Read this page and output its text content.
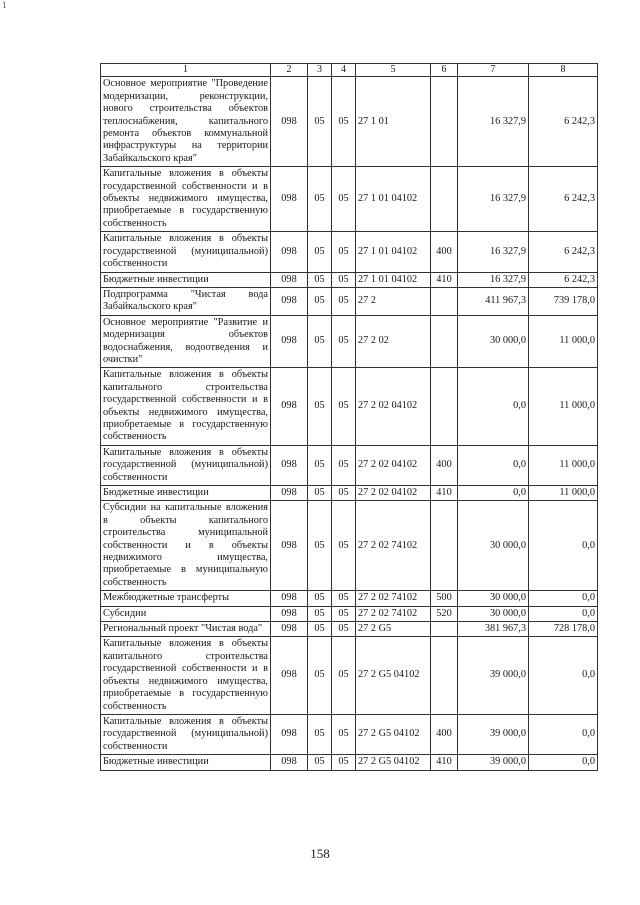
1
1	2	3	4	5	6	7	8
Основное мероприятие "Проведение модернизации, реконструкции, нового строительства объектов теплоснабжения, капитального ремонта объектов коммунальной инфраструктуры на территории Забайкальского края"	098	05	05	27 1 01		16 327,9	6 242,3
Капитальные вложения в объекты государственной собственности и в объекты недвижимого имущества, приобретаемые в государственную собственность	098	05	05	27 1 01 04102		16 327,9	6 242,3
Капитальные вложения в объекты государственной (муниципальной) собственности	098	05	05	27 1 01 04102	400	16 327,9	6 242,3
Бюджетные инвестиции	098	05	05	27 1 01 04102	410	16 327,9	6 242,3
Подпрограмма "Чистая вода Забайкальского края"	098	05	05	27 2		411 967,3	739 178,0
Основное мероприятие "Развитие и модернизация объектов водоснабжения, водоотведения и очистки"	098	05	05	27 2 02		30 000,0	11 000,0
Капитальные вложения в объекты капитального строительства государственной собственности и в объекты недвижимого имущества, приобретаемые в государственную собственность	098	05	05	27 2 02 04102		0,0	11 000,0
Капитальные вложения в объекты государственной (муниципальной) собственности	098	05	05	27 2 02 04102	400	0,0	11 000,0
Бюджетные инвестиции	098	05	05	27 2 02 04102	410	0,0	11 000,0
Субсидии на капитальные вложения в объекты капитального строительства муниципальной собственности и в объекты недвижимого имущества, приобретаемые в муниципальную собственность	098	05	05	27 2 02 74102		30 000,0	0,0
Межбюджетные трансферты	098	05	05	27 2 02 74102	500	30 000,0	0,0
Субсидии	098	05	05	27 2 02 74102	520	30 000,0	0,0
Региональный проект "Чистая вода"	098	05	05	27 2 G5		381 967,3	728 178,0
Капитальные вложения в объекты капитального строительства государственной собственности и в объекты недвижимого имущества, приобретаемые в государственную собственность	098	05	05	27 2 G5 04102		39 000,0	0,0
Капитальные вложения в объекты государственной (муниципальной) собственности	098	05	05	27 2 G5 04102	400	39 000,0	0,0
Бюджетные инвестиции	098	05	05	27 2 G5 04102	410	39 000,0	0,0
158
